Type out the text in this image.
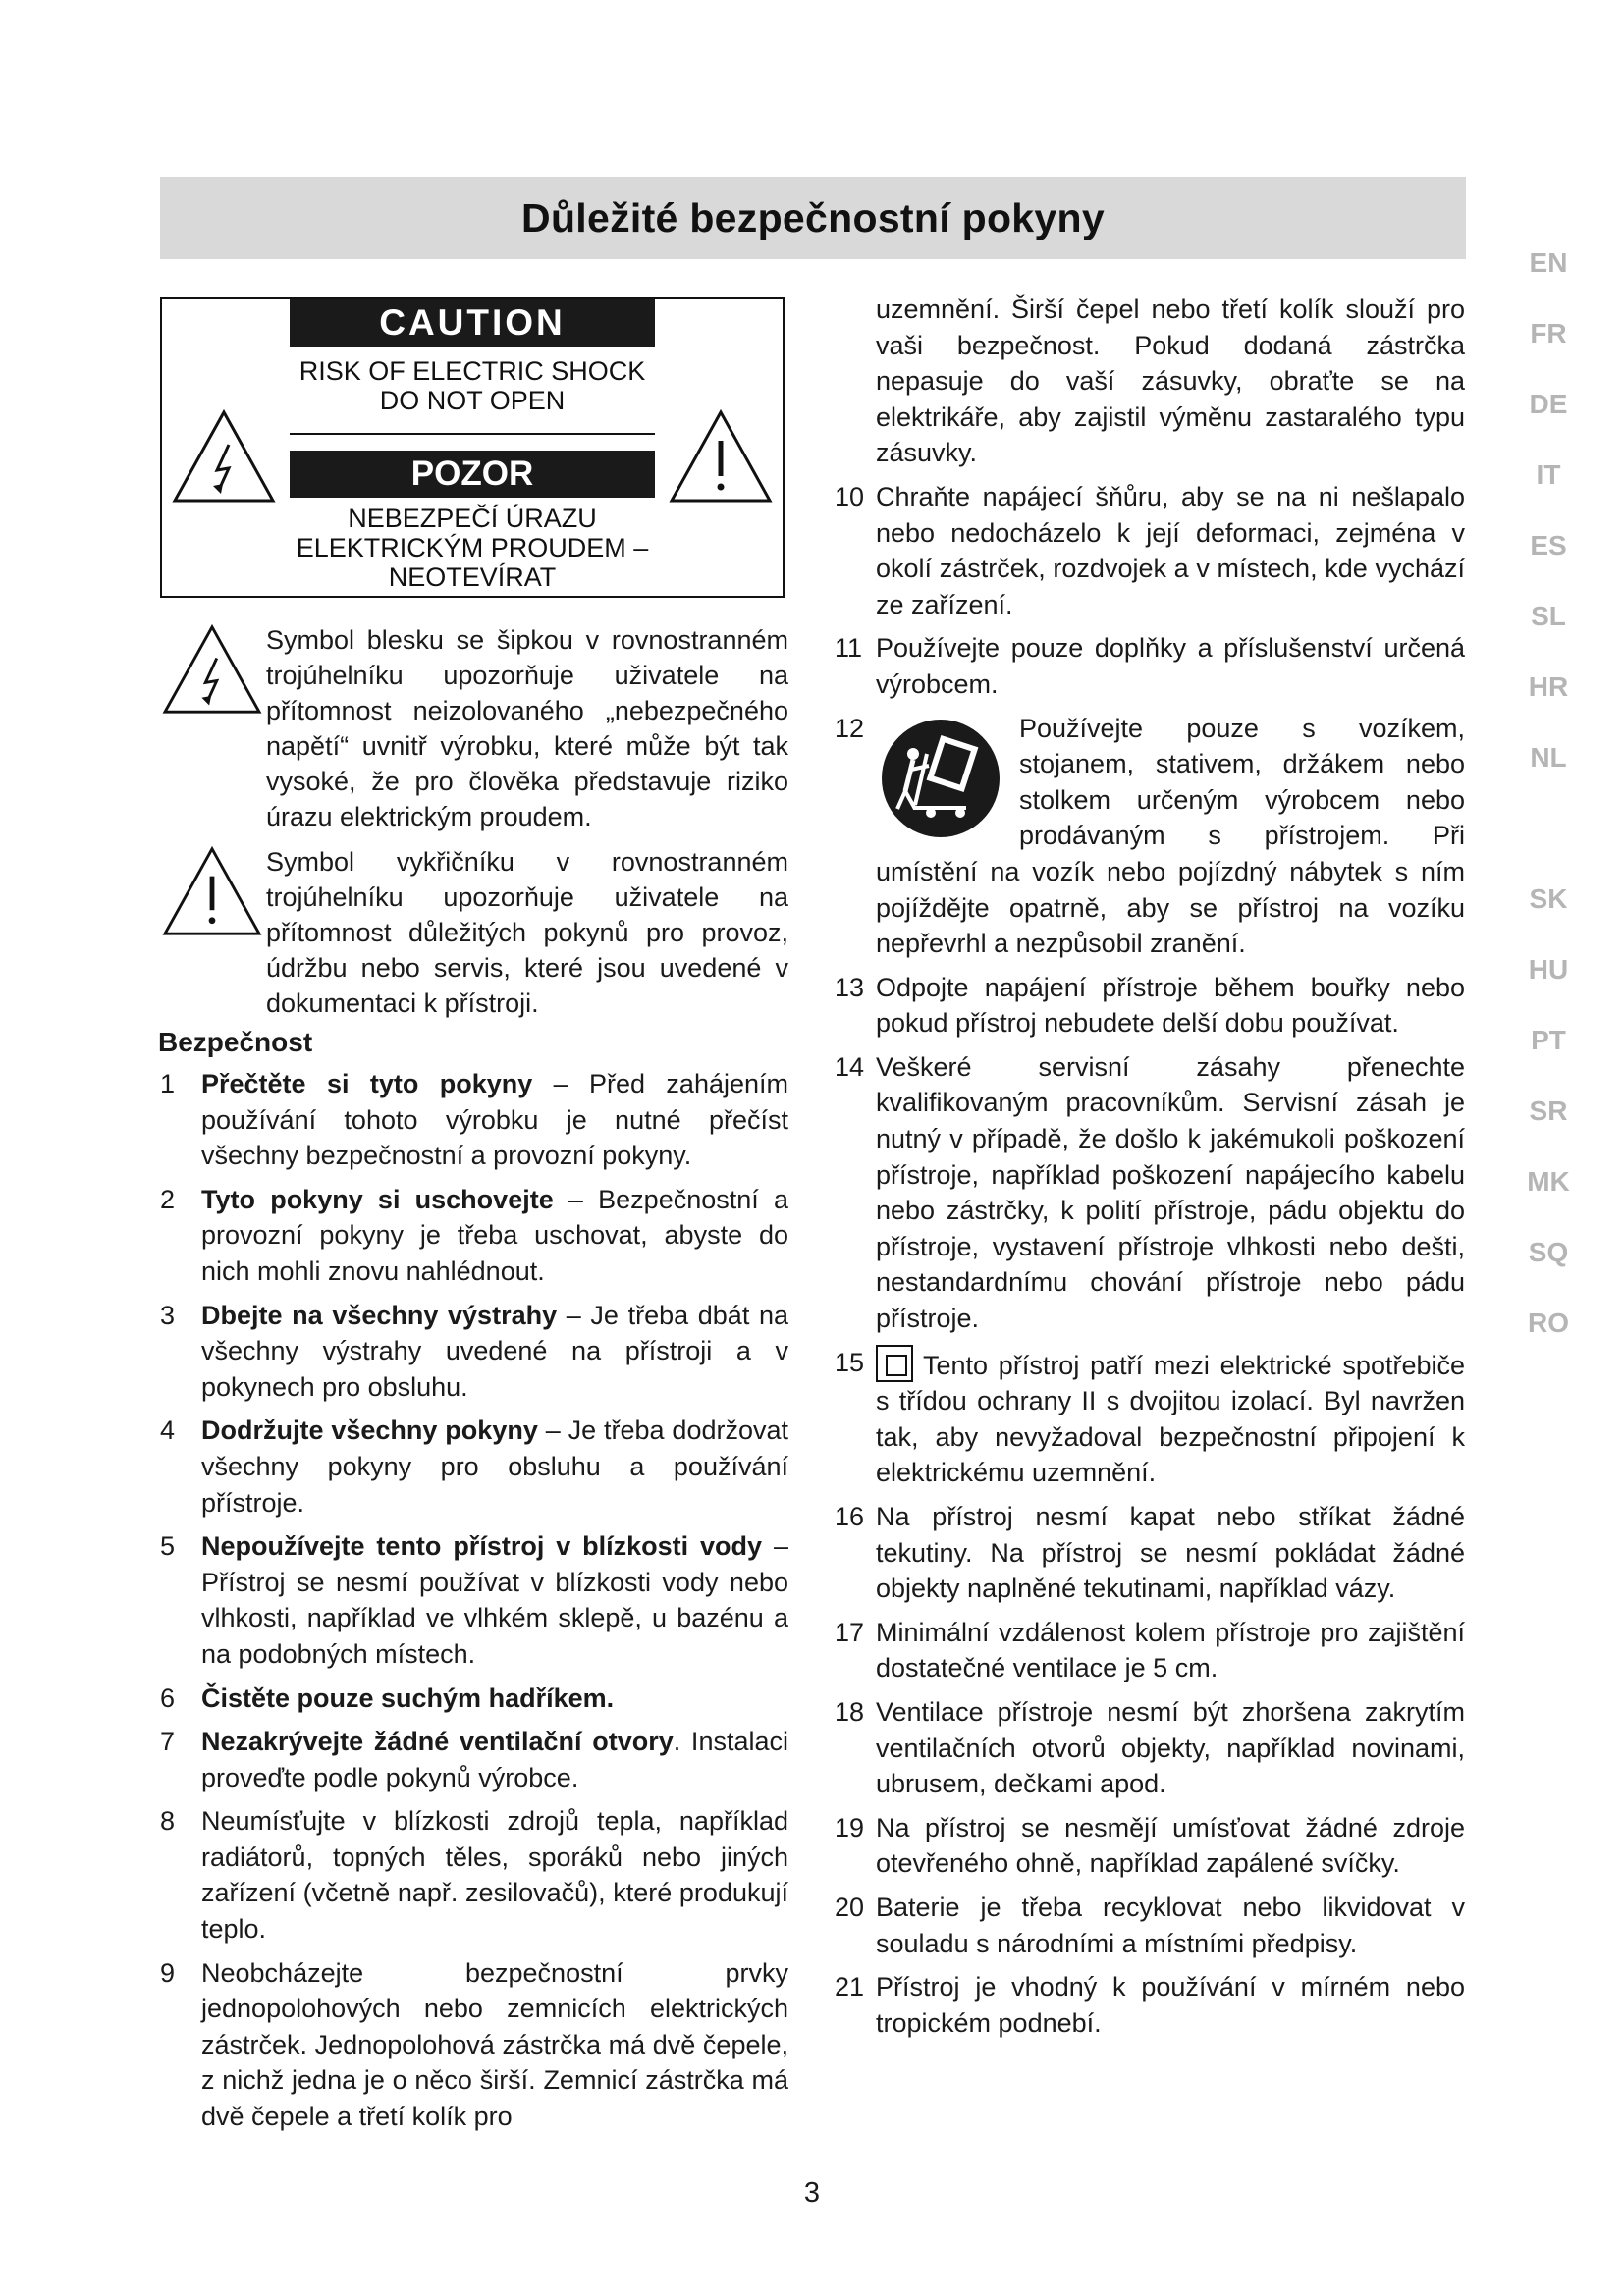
Důležité bezpečnostní pokyny
EN
FR
DE
IT
ES
SL
HR
NL
CZ
SK
HU
PT
SR
MK
SQ
RO
CAUTION
RISK OF ELECTRIC SHOCK
DO NOT OPEN
POZOR
NEBEZPEČÍ ÚRAZU
ELEKTRICKÝM PROUDEM –
NEOTEVÍRAT

Symbol blesku se šipkou v rovnostranném trojúhelníku upozorňuje uživatele na přítomnost neizolovaného „nebezpečného napětí“ uvnitř výrobku, které může být tak vysoké, že pro člověka představuje riziko úrazu elektrickým proudem.

Symbol vykřičníku v rovnostranném trojúhelníku upozorňuje uživatele na přítomnost důležitých pokynů pro provoz, údržbu nebo servis, které jsou uvedené v dokumentaci k přístroji.

Bezpečnost
1 Přečtěte si tyto pokyny – Před zahájením používání tohoto výrobku je nutné přečíst všechny bezpečnostní a provozní pokyny.
2 Tyto pokyny si uschovejte – Bezpečnostní a provozní pokyny je třeba uschovat, abyste do nich mohli znovu nahlédnout.
3 Dbejte na všechny výstrahy – Je třeba dbát na všechny výstrahy uvedené na přístroji a v pokynech pro obsluhu.
4 Dodržujte všechny pokyny – Je třeba dodržovat všechny pokyny pro obsluhu a používání přístroje.
5 Nepoužívejte tento přístroj v blízkosti vody – Přístroj se nesmí používat v blízkosti vody nebo vlhkosti, například ve vlhkém sklepě, u bazénu a na podobných místech.
6 Čistěte pouze suchým hadříkem.
7 Nezakrývejte žádné ventilační otvory. Instalaci proveďte podle pokynů výrobce.
8 Neumísťujte v blízkosti zdrojů tepla, například radiátorů, topných těles, sporáků nebo jiných zařízení (včetně např. zesilovačů), které produkují teplo.
9 Neobcházejte bezpečnostní prvky jednopolohových nebo zemnicích elektrických zástrček. Jednopolohová zástrčka má dvě čepele, z nichž jedna je o něco širší. Zemnicí zástrčka má dvě čepele a třetí kolík pro
uzemnění. Širší čepel nebo třetí kolík slouží pro vaši bezpečnost. Pokud dodaná zástrčka nepasuje do vaší zásuvky, obraťte se na elektrikáře, aby zajistil výměnu zastaralého typu zásuvky.
10 Chraňte napájecí šňůru, aby se na ni nešlapalo nebo nedocházelo k její deformaci, zejména v okolí zástrček, rozdvojek a v místech, kde vychází ze zařízení.
11 Používejte pouze doplňky a příslušenství určená výrobcem.
12	Používejte pouze s vozíkem, stojanem, stativem, držákem nebo stolkem určeným výrobcem nebo prodávaným s přístrojem. Při umístění na vozík nebo pojízdný nábytek s ním pojíždějte opatrně, aby se přístroj na vozíku nepřevrhl a nezpůsobil zranění.
13 Odpojte napájení přístroje během bouřky nebo pokud přístroj nebudete delší dobu používat.
14 Veškeré servisní zásahy přenechte kvalifikovaným pracovníkům. Servisní zásah je nutný v případě, že došlo k jakémukoli poškození přístroje, například poškození napájecího kabelu nebo zástrčky, k polití přístroje, pádu objektu do přístroje, vystavení přístroje vlhkosti nebo dešti, nestandardnímu chování přístroje nebo pádu přístroje.
15 Tento přístroj patří mezi elektrické spotřebiče s třídou ochrany II s dvojitou izolací. Byl navržen tak, aby nevyžadoval bezpečnostní připojení k elektrickému uzemnění.
16 Na přístroj nesmí kapat nebo stříkat žádné tekutiny. Na přístroj se nesmí pokládat žádné objekty naplněné tekutinami, například vázy.
17 Minimální vzdálenost kolem přístroje pro zajištění dostatečné ventilace je 5 cm.
18 Ventilace přístroje nesmí být zhoršena zakrytím ventilačních otvorů objekty, například novinami, ubrusem, dečkami apod.
19 Na přístroj se nesmějí umísťovat žádné zdroje otevřeného ohně, například zapálené svíčky.
20 Baterie je třeba recyklovat nebo likvidovat v souladu s národními a místními předpisy.
21 Přístroj je vhodný k používání v mírném nebo tropickém podnebí.
3
